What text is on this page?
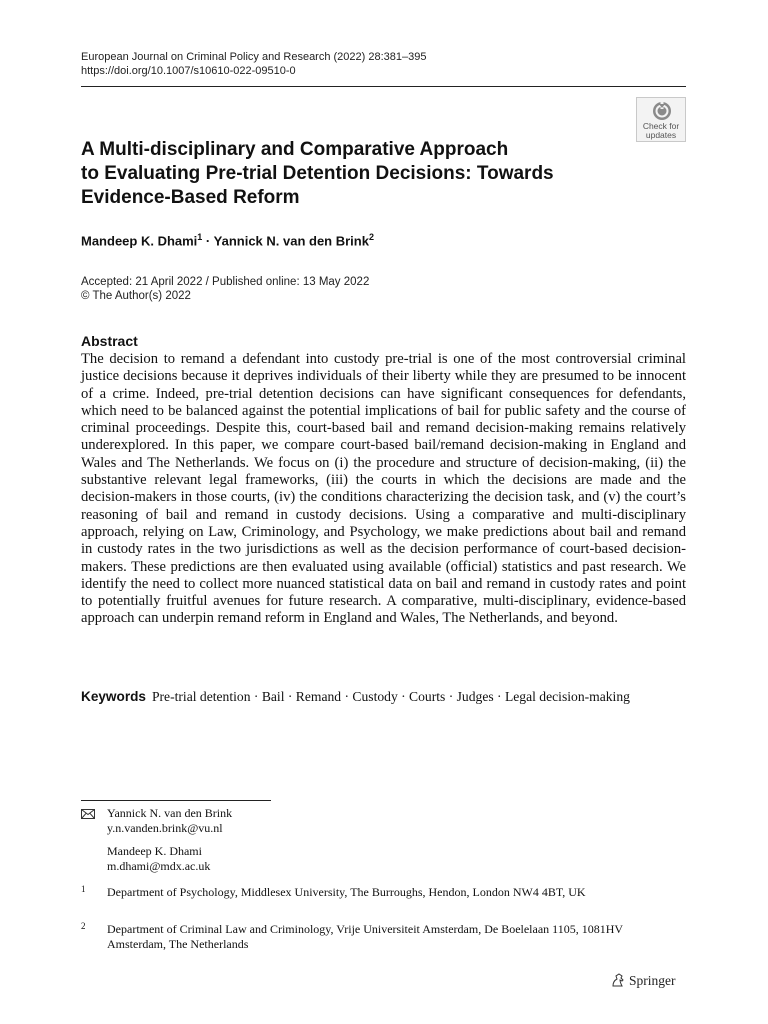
European Journal on Criminal Policy and Research (2022) 28:381–395
https://doi.org/10.1007/s10610-022-09510-0
Check for
updates
A Multi-disciplinary and Comparative Approach
to Evaluating Pre-trial Detention Decisions: Towards
Evidence-Based Reform
Mandeep K. Dhami$^1$ · Yannick N. van den Brink$^2$
Accepted: 21 April 2022 / Published online: 13 May 2022
© The Author(s) 2022
Abstract

The decision to remand a defendant into custody pre-trial is one of the most controversial criminal justice decisions because it deprives individuals of their liberty while they are presumed to be innocent of a crime. Indeed, pre-trial detention decisions can have significant consequences for defendants, which need to be balanced against the potential implications of bail for public safety and the course of criminal proceedings. Despite this, court-based bail and remand decision-making remains relatively underexplored. In this paper, we compare court-based bail/remand decision-making in England and Wales and The Netherlands. We focus on (i) the procedure and structure of decision-making, (ii) the substantive relevant legal frameworks, (iii) the courts in which the decisions are made and the decision-makers in those courts, (iv) the conditions characterizing the decision task, and (v) the court’s reasoning of bail and remand in custody decisions. Using a comparative and multi-disciplinary approach, relying on Law, Criminology, and Psychology, we make predictions about bail and remand in custody rates in the two jurisdictions as well as the decision performance of court-based decision-makers. These predictions are then evaluated using available (official) statistics and past research. We identify the need to collect more nuanced statistical data on bail and remand in custody rates and point to potentially fruitful avenues for future research. A comparative, multi-disciplinary, evidence-based approach can underpin remand reform in England and Wales, The Netherlands, and beyond.

Keywords Pre-trial detention · Bail · Remand · Custody · Courts · Judges · Legal decision-making
Yannick N. van den Brink
y.n.vanden.brink@vu.nl
Mandeep K. Dhami
m.dhami@mdx.ac.uk
1 Department of Psychology, Middlesex University, The Burroughs, Hendon, London NW4 4BT, UK
2 Department of Criminal Law and Criminology, Vrije Universiteit Amsterdam, De Boelelaan 1105, 1081HV Amsterdam, The Netherlands
Springer
